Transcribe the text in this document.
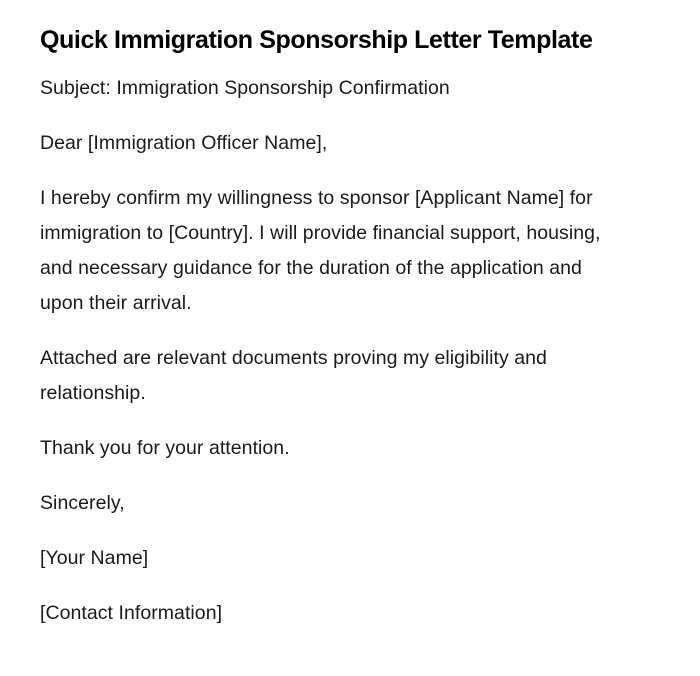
Quick Immigration Sponsorship Letter Template

Subject: Immigration Sponsorship Confirmation

Dear [Immigration Officer Name],

I hereby confirm my willingness to sponsor [Applicant Name] for immigration to [Country]. I will provide financial support, housing, and necessary guidance for the duration of the application and upon their arrival.

Attached are relevant documents proving my eligibility and relationship.

Thank you for your attention.

Sincerely,

[Your Name]

[Contact Information]
